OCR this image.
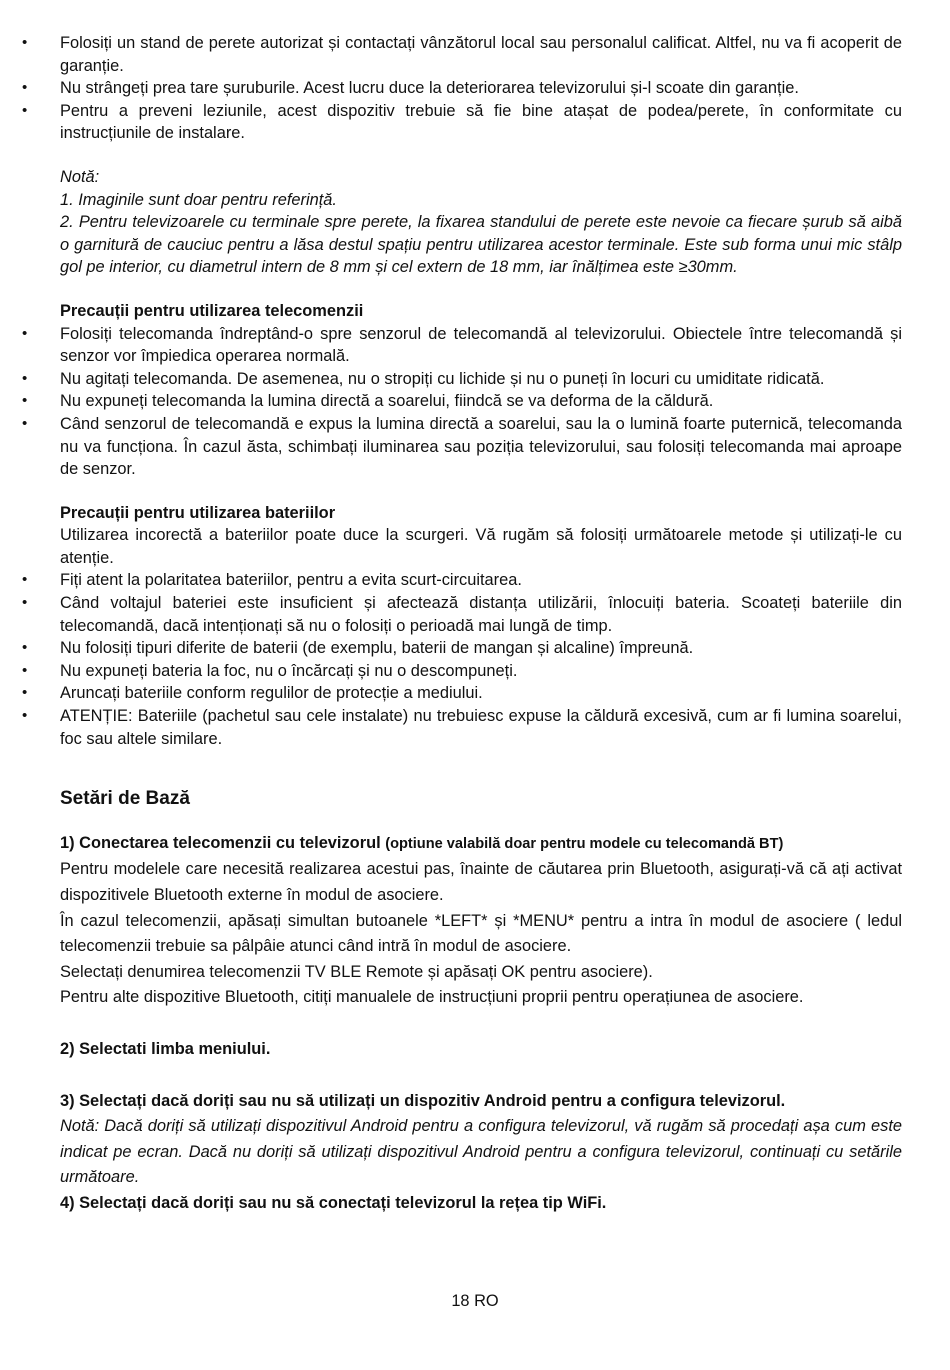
• Folosiți un stand de perete autorizat și contactați vânzătorul local sau personalul calificat. Altfel, nu va fi acoperit de garanție.

• Nu strângeți prea tare șuruburile. Acest lucru duce la deteriorarea televizorului și-l scoate din garanție.

• Pentru a preveni leziunile, acest dispozitiv trebuie să fie bine atașat de podea/perete, în conformitate cu instrucțiunile de instalare.

Notă:

1. Imaginile sunt doar pentru referință.

2. Pentru televizoarele cu terminale spre perete, la fixarea standului de perete este nevoie ca fiecare șurub să aibă o garnitură de cauciuc pentru a lăsa destul spațiu pentru utilizarea acestor terminale. Este sub forma unui mic stâlp gol pe interior, cu diametrul intern de 8 mm și cel extern de 18 mm, iar înălțimea este ≥30mm.

Precauții pentru utilizarea telecomenzii

• Folosiți telecomanda îndreptând-o spre senzorul de telecomandă al televizorului. Obiectele între telecomandă și senzor vor împiedica operarea normală.

• Nu agitați telecomanda. De asemenea, nu o stropiți cu lichide și nu o puneți în locuri cu umiditate ridicată.

• Nu expuneți telecomanda la lumina directă a soarelui, fiindcă se va deforma de la căldură.

• Când senzorul de telecomandă e expus la lumina directă a soarelui, sau la o lumină foarte puternică, telecomanda nu va funcționa. În cazul ăsta, schimbați iluminarea sau poziția televizorului, sau folosiți telecomanda mai aproape de senzor.

Precauții pentru utilizarea bateriilor

Utilizarea incorectă a bateriilor poate duce la scurgeri. Vă rugăm să folosiți următoarele metode și utilizați-le cu atenție.

• Fiți atent la polaritatea bateriilor, pentru a evita scurt-circuitarea.

• Când voltajul bateriei este insuficient și afectează distanța utilizării, înlocuiți bateria. Scoateți bateriile din telecomandă, dacă intenționați să nu o folosiți o perioadă mai lungă de timp.

• Nu folosiți tipuri diferite de baterii (de exemplu, baterii de mangan și alcaline) împreună.

• Nu expuneți bateria la foc, nu o încărcați și nu o descompuneți.

• Aruncați bateriile conform regulilor de protecție a mediului.

• ATENȚIE: Bateriile (pachetul sau cele instalate) nu trebuiesc expuse la căldură excesivă, cum ar fi lumina soarelui, foc sau altele similare.

Setări de Bază

1) Conectarea telecomenzii cu televizorul (optiune valabilă doar pentru modele cu telecomandă BT)

Pentru modelele care necesită realizarea acestui pas, înainte de căutarea prin Bluetooth, asigurați-vă că ați activat dispozitivele Bluetooth externe în modul de asociere.

În cazul telecomenzii, apăsați simultan butoanele *LEFT* și *MENU* pentru a intra în modul de asociere ( ledul telecomenzii trebuie sa pâlpâie atunci când intră în modul de asociere.

Selectați denumirea telecomenzii TV BLE Remote și apăsați OK pentru asociere).

Pentru alte dispozitive Bluetooth, citiți manualele de instrucțiuni proprii pentru operațiunea de asociere.

2) Selectati limba meniului.

3) Selectați dacă doriți sau nu să utilizați un dispozitiv Android pentru a configura televizorul.

Notă: Dacă doriți să utilizați dispozitivul Android pentru a configura televizorul, vă rugăm să procedați așa cum este indicat pe ecran. Dacă nu doriți să utilizați dispozitivul Android pentru a configura televizorul, continuați cu setările următoare.

4) Selectați dacă doriți sau nu să conectați televizorul la rețea tip WiFi.

18 RO
